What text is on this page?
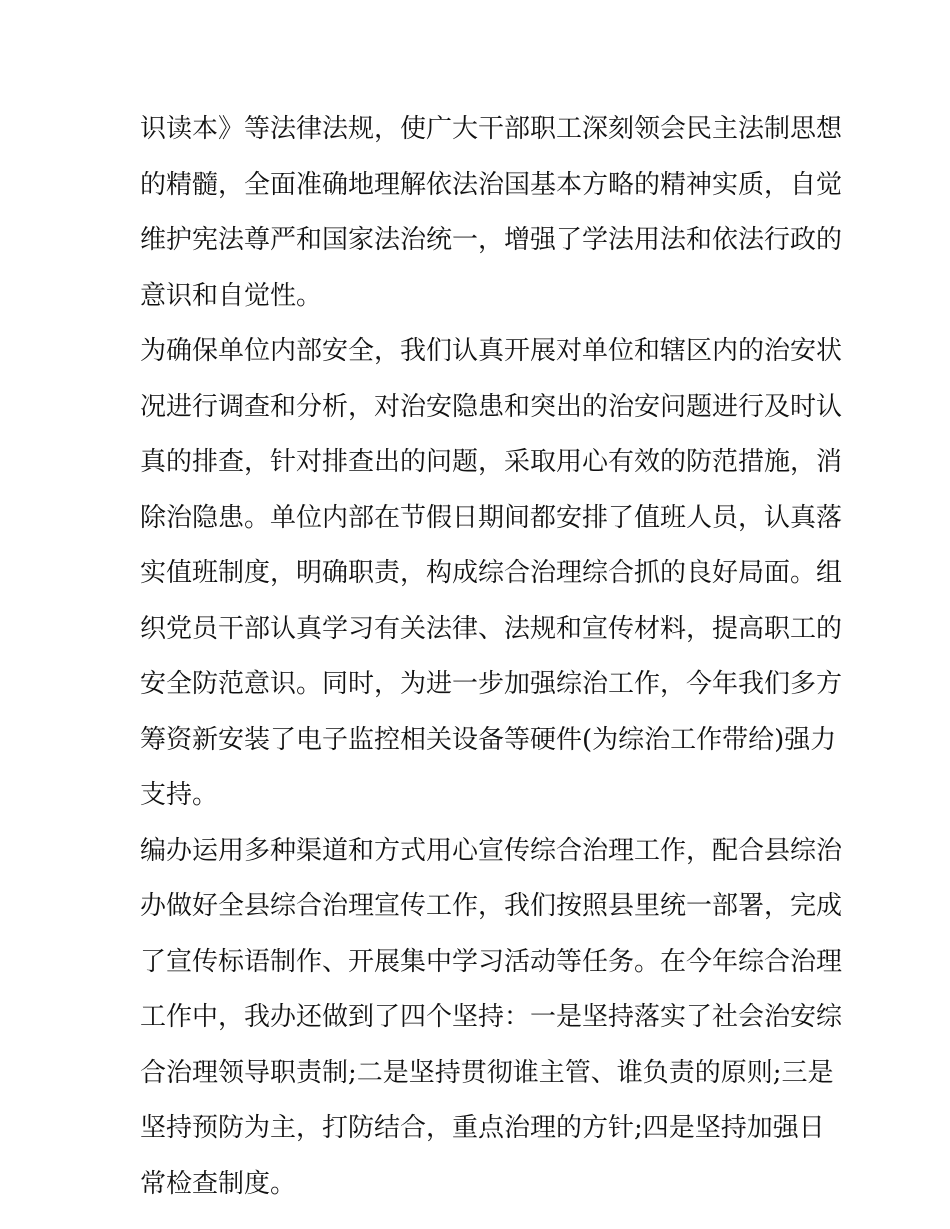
识读本》等法律法规，使广大干部职工深刻领会民主法制思想
的精髓，全面准确地理解依法治国基本方略的精神实质，自觉
维护宪法尊严和国家法治统一，增强了学法用法和依法行政的
意识和自觉性。
为确保单位内部安全，我们认真开展对单位和辖区内的治安状
况进行调查和分析，对治安隐患和突出的治安问题进行及时认
真的排查，针对排查出的问题，采取用心有效的防范措施，消
除治隐患。单位内部在节假日期间都安排了值班人员，认真落
实值班制度，明确职责，构成综合治理综合抓的良好局面。组
织党员干部认真学习有关法律、法规和宣传材料，提高职工的
安全防范意识。同时，为进一步加强综治工作，今年我们多方
筹资新安装了电子监控相关设备等硬件(为综治工作带给)强力
支持。
编办运用多种渠道和方式用心宣传综合治理工作，配合县综治
办做好全县综合治理宣传工作，我们按照县里统一部署，完成
了宣传标语制作、开展集中学习活动等任务。在今年综合治理
工作中，我办还做到了四个坚持：一是坚持落实了社会治安综
合治理领导职责制;二是坚持贯彻谁主管、谁负责的原则;三是
坚持预防为主，打防结合，重点治理的方针;四是坚持加强日
常检查制度。
